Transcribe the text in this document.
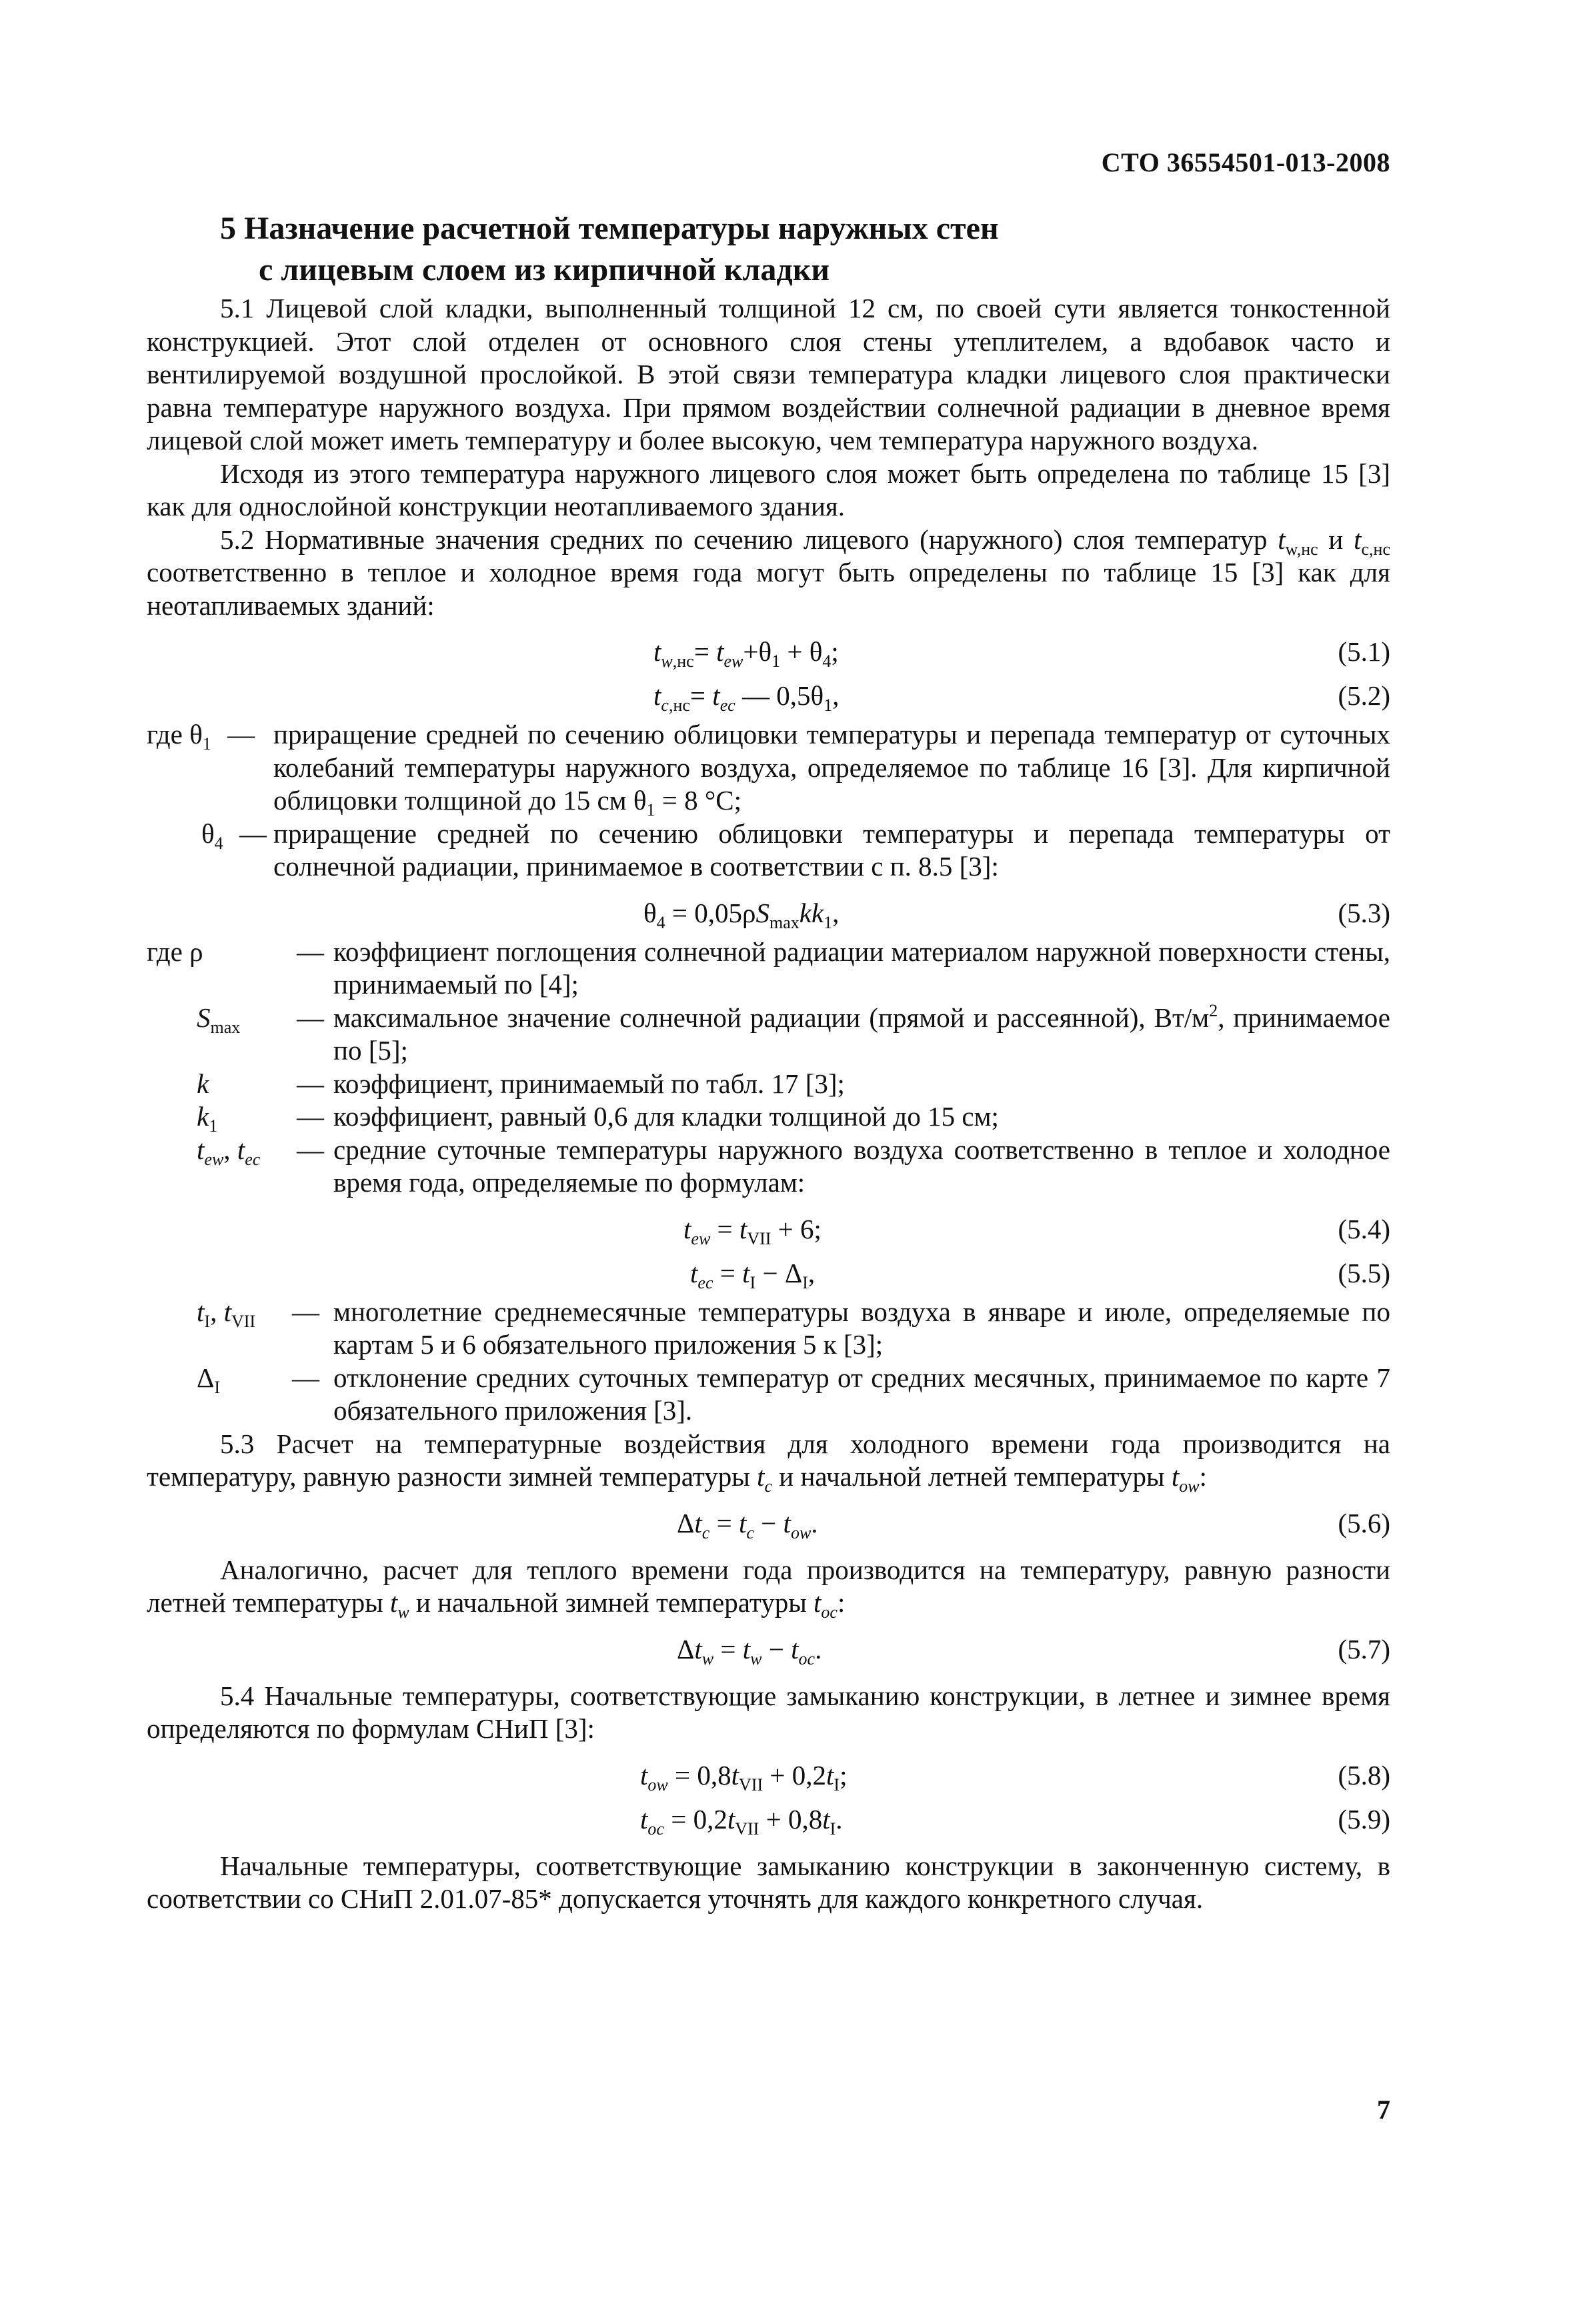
СТО 36554501-013-2008
5 Назначение расчетной температуры наружных стен
с лицевым слоем из кирпичной кладки

5.1 Лицевой слой кладки, выполненный толщиной 12 см, по своей сути является тонкостенной конструкцией. Этот слой отделен от основного слоя стены утеплителем, а вдобавок часто и вентилируемой воздушной прослойкой. В этой связи температура кладки лицевого слоя практически равна температуре наружного воздуха. При прямом воздействии солнечной радиации в дневное время лицевой слой может иметь температуру и более высокую, чем температура наружного воздуха.

Исходя из этого температура наружного лицевого слоя может быть определена по таблице 15 [3] как для однослойной конструкции неотапливаемого здания.

5.2 Нормативные значения средних по сечению лицевого (наружного) слоя температур $t_{w,нс}$ и $t_{c,нс}$ соответственно в теплое и холодное время года могут быть определены по таблице 15 [3] как для неотапливаемых зданий:

$t_{w,нс}= t_{ew}+\theta_1 + \theta_4$;	(5.1)
$t_{c,нс}= t_{ec}$ — $0,5\theta_1$,	(5.2)
где $\theta_1$ — приращение средней по сечению облицовки температуры и перепада температур от суточных колебаний температуры наружного воздуха, определяемое по таблице 16 [3]. Для кирпичной облицовки толщиной до 15 см $\theta_1 = 8$ °C;
$\theta_4$ — приращение средней по сечению облицовки температуры и перепада температуры от солнечной радиации, принимаемое в соответствии с п. 8.5 [3]:
$\theta_4 = 0,05\rho S_{max}kk_1$,	(5.3)
где ρ	— коэффициент поглощения солнечной радиации материалом наружной поверхности стены, принимаемый по [4];
$S_{max}$ — максимальное значение солнечной радиации (прямой и рассеянной), $Вт/м^2$, принимаемое по [5];
k	— коэффициент, принимаемый по табл. 17 [3];
$k_1$	— коэффициент, равный 0,6 для кладки толщиной до 15 см;
$t_{ew}$, $t_{ec}$ — средние суточные температуры наружного воздуха соответственно в теплое и холодное время года, определяемые по формулам:
$t_{ew} = t_{VII} + 6$;	(5.4)
$t_{ec} = t_I - \Delta_I$,	(5.5)
$t_I$, $t_{VII}$ — многолетние среднемесячные температуры воздуха в январе и июле, определяемые по картам 5 и 6 обязательного приложения 5 к [3];
$\Delta_I$	— отклонение средних суточных температур от средних месячных, принимаемое по карте 7 обязательного приложения [3].

5.3 Расчет на температурные воздействия для холодного времени года производится на температуру, равную разности зимней температуры $t_c$ и начальной летней температуры $t_{ow}$:

$\Delta t_c = t_c - t_{ow}$.	(5.6)

Аналогично, расчет для теплого времени года производится на температуру, равную разности летней температуры $t_w$ и начальной зимней температуры $t_{oc}$:

$\Delta t_w = t_w - t_{oc}$.	(5.7)

5.4 Начальные температуры, соответствующие замыканию конструкции, в летнее и зимнее время определяются по формулам СНиП [3]:

$t_{ow} = 0,8t_{VII} + 0,2t_I$;	(5.8)
$t_{oc} = 0,2t_{VII} + 0,8t_I$.	(5.9)

Начальные температуры, соответствующие замыканию конструкции в законченную систему, в соответствии со СНиП 2.01.07-85* допускается уточнять для каждого конкретного случая.

7
